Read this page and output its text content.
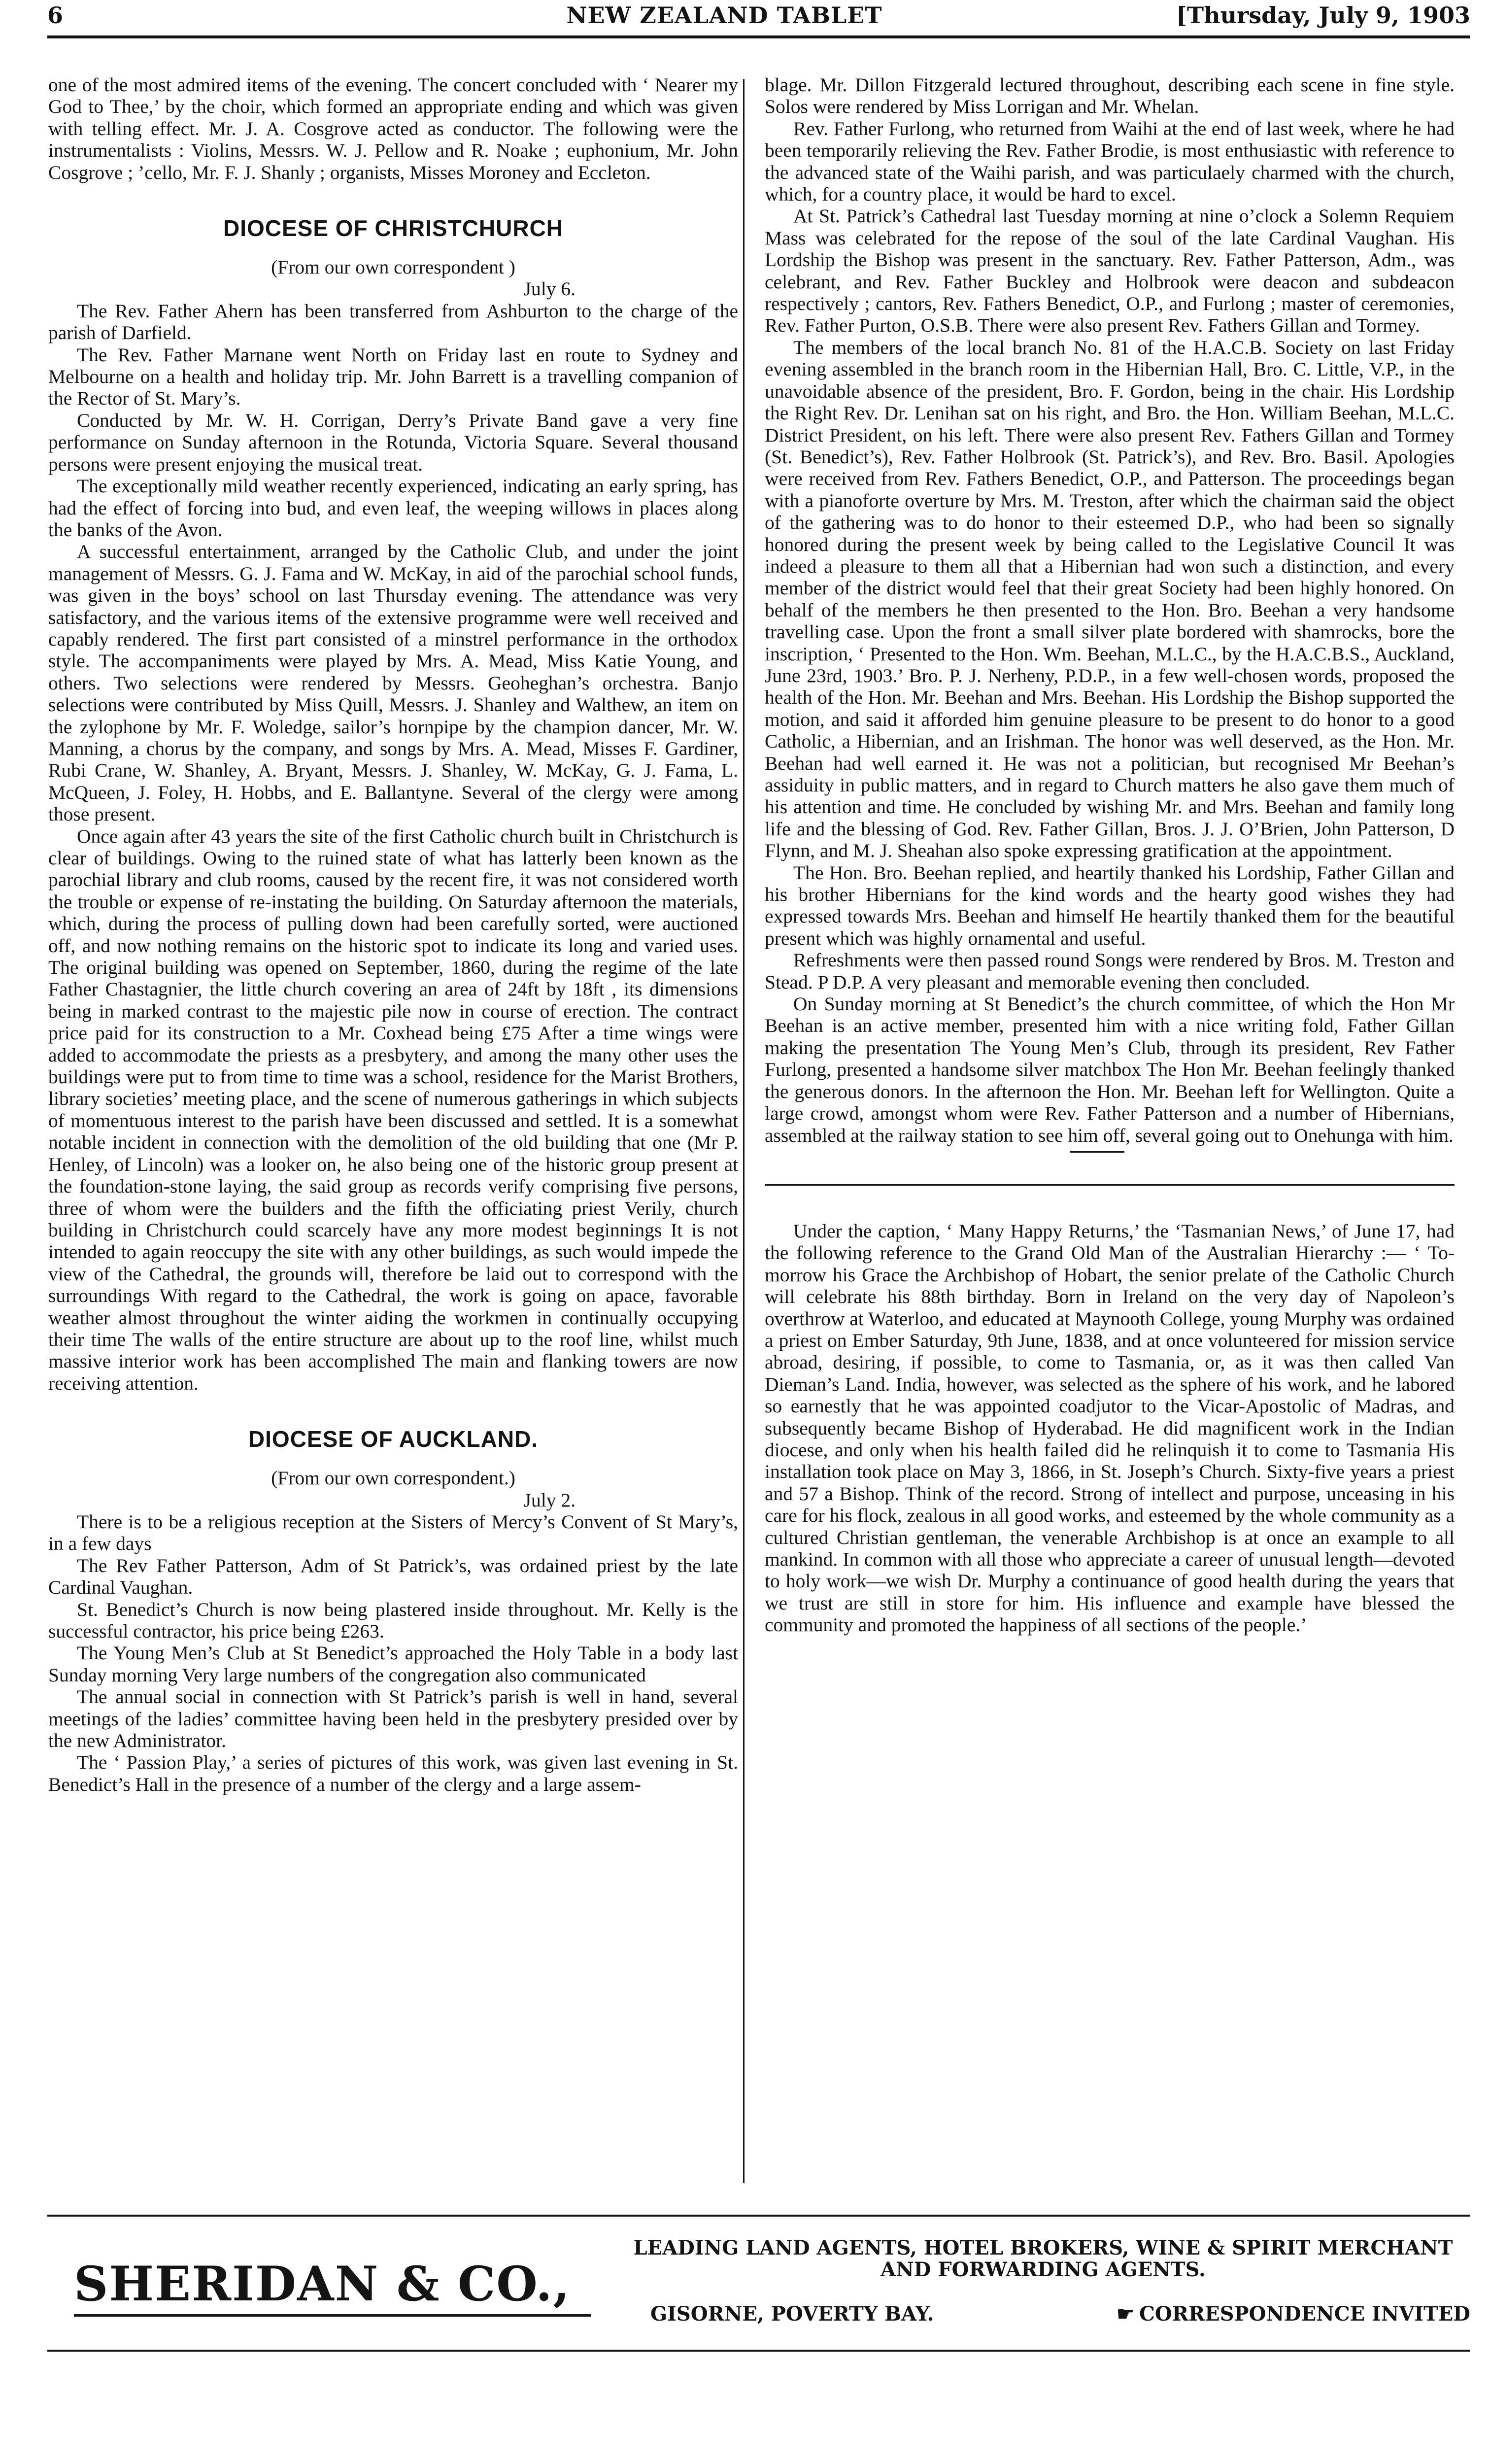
6	NEW ZEALAND TABLET	[Thursday, July 9, 1903

one of the most admired items of the evening. The concert concluded with ‘ Nearer my God to Thee,’ by the choir, which formed an appropriate ending and which was given with telling effect. Mr. J. A. Cosgrove acted as conductor. The following were the instrumentalists : Violins, Messrs. W. J. Pellow and R. Noake ; euphonium, Mr. John Cosgrove ; ’cello, Mr. F. J. Shanly ; organists, Misses Moroney and Eccleton.

DIOCESE OF CHRISTCHURCH

(From our own correspondent )

July 6.

The Rev. Father Ahern has been transferred from Ashburton to the charge of the parish of Darfield.

The Rev. Father Marnane went North on Friday last en route to Sydney and Melbourne on a health and holiday trip. Mr. John Barrett is a travelling companion of the Rector of St. Mary’s.

Conducted by Mr. W. H. Corrigan, Derry’s Private Band gave a very fine performance on Sunday afternoon in the Rotunda, Victoria Square. Several thousand persons were present enjoying the musical treat.

The exceptionally mild weather recently experienced, indicating an early spring, has had the effect of forcing into bud, and even leaf, the weeping willows in places along the banks of the Avon.

A successful entertainment, arranged by the Catholic Club, and under the joint management of Messrs. G. J. Fama and W. McKay, in aid of the parochial school funds, was given in the boys’ school on last Thursday evening. The attendance was very satisfactory, and the various items of the extensive programme were well received and capably rendered. The first part consisted of a minstrel performance in the orthodox style. The accompaniments were played by Mrs. A. Mead, Miss Katie Young, and others. Two selections were rendered by Messrs. Geoheghan’s orchestra. Banjo selections were contributed by Miss Quill, Messrs. J. Shanley and Walthew, an item on the zylophone by Mr. F. Woledge, sailor’s hornpipe by the champion dancer, Mr. W. Manning, a chorus by the company, and songs by Mrs. A. Mead, Misses F. Gardiner, Rubi Crane, W. Shanley, A. Bryant, Messrs. J. Shanley, W. McKay, G. J. Fama, L. McQueen, J. Foley, H. Hobbs, and E. Ballantyne. Several of the clergy were among those present.

Once again after 43 years the site of the first Catholic church built in Christchurch is clear of buildings. Owing to the ruined state of what has latterly been known as the parochial library and club rooms, caused by the recent fire, it was not considered worth the trouble or expense of re-instating the building. On Saturday afternoon the materials, which, during the process of pulling down had been carefully sorted, were auctioned off, and now nothing remains on the historic spot to indicate its long and varied uses. The original building was opened on September, 1860, during the regime of the late Father Chastagnier, the little church covering an area of 24ft by 18ft , its dimensions being in marked contrast to the majestic pile now in course of erection. The contract price paid for its construction to a Mr. Coxhead being £75 After a time wings were added to accommodate the priests as a presbytery, and among the many other uses the buildings were put to from time to time was a school, residence for the Marist Brothers, library societies’ meeting place, and the scene of numerous gatherings in which subjects of momentuous interest to the parish have been discussed and settled. It is a somewhat notable incident in connection with the demolition of the old building that one (Mr P. Henley, of Lincoln) was a looker on, he also being one of the historic group present at the foundation-stone laying, the said group as records verify comprising five persons, three of whom were the builders and the fifth the officiating priest Verily, church building in Christchurch could scarcely have any more modest beginnings It is not intended to again reoccupy the site with any other buildings, as such would impede the view of the Cathedral, the grounds will, therefore be laid out to correspond with the surroundings With regard to the Cathedral, the work is going on apace, favorable weather almost throughout the winter aiding the workmen in continually occupying their time The walls of the entire structure are about up to the roof line, whilst much massive interior work has been accomplished The main and flanking towers are now receiving attention.

DIOCESE OF AUCKLAND.

(From our own correspondent.)

July 2.

There is to be a religious reception at the Sisters of Mercy’s Convent of St Mary’s, in a few days

The Rev Father Patterson, Adm of St Patrick’s, was ordained priest by the late Cardinal Vaughan.

St. Benedict’s Church is now being plastered inside throughout. Mr. Kelly is the successful contractor, his price being £263.

The Young Men’s Club at St Benedict’s approached the Holy Table in a body last Sunday morning Very large numbers of the congregation also communicated

The annual social in connection with St Patrick’s parish is well in hand, several meetings of the ladies’ committee having been held in the presbytery presided over by the new Administrator.

The ‘ Passion Play,’ a series of pictures of this work, was given last evening in St. Benedict’s Hall in the presence of a number of the clergy and a large assem-

blage. Mr. Dillon Fitzgerald lectured throughout, describing each scene in fine style. Solos were rendered by Miss Lorrigan and Mr. Whelan.

Rev. Father Furlong, who returned from Waihi at the end of last week, where he had been temporarily relieving the Rev. Father Brodie, is most enthusiastic with reference to the advanced state of the Waihi parish, and was particulaely charmed with the church, which, for a country place, it would be hard to excel.

At St. Patrick’s Cathedral last Tuesday morning at nine o’clock a Solemn Requiem Mass was celebrated for the repose of the soul of the late Cardinal Vaughan. His Lordship the Bishop was present in the sanctuary. Rev. Father Patterson, Adm., was celebrant, and Rev. Father Buckley and Holbrook were deacon and subdeacon respectively ; cantors, Rev. Fathers Benedict, O.P., and Furlong ; master of ceremonies, Rev. Father Purton, O.S.B. There were also present Rev. Fathers Gillan and Tormey.

The members of the local branch No. 81 of the H.A.C.B. Society on last Friday evening assembled in the branch room in the Hibernian Hall, Bro. C. Little, V.P., in the unavoidable absence of the president, Bro. F. Gordon, being in the chair. His Lordship the Right Rev. Dr. Lenihan sat on his right, and Bro. the Hon. William Beehan, M.L.C. District President, on his left. There were also present Rev. Fathers Gillan and Tormey (St. Benedict’s), Rev. Father Holbrook (St. Patrick’s), and Rev. Bro. Basil. Apologies were received from Rev. Fathers Benedict, O.P., and Patterson. The proceedings began with a pianoforte overture by Mrs. M. Treston, after which the chairman said the object of the gathering was to do honor to their esteemed D.P., who had been so signally honored during the present week by being called to the Legislative Council It was indeed a pleasure to them all that a Hibernian had won such a distinction, and every member of the district would feel that their great Society had been highly honored. On behalf of the members he then presented to the Hon. Bro. Beehan a very handsome travelling case. Upon the front a small silver plate bordered with shamrocks, bore the inscription, ‘ Presented to the Hon. Wm. Beehan, M.L.C., by the H.A.C.B.S., Auckland, June 23rd, 1903.’ Bro. P. J. Nerheny, P.D.P., in a few well-chosen words, proposed the health of the Hon. Mr. Beehan and Mrs. Beehan. His Lordship the Bishop supported the motion, and said it afforded him genuine pleasure to be present to do honor to a good Catholic, a Hibernian, and an Irishman. The honor was well deserved, as the Hon. Mr. Beehan had well earned it. He was not a politician, but recognised Mr Beehan’s assiduity in public matters, and in regard to Church matters he also gave them much of his attention and time. He concluded by wishing Mr. and Mrs. Beehan and family long life and the blessing of God. Rev. Father Gillan, Bros. J. J. O’Brien, John Patterson, D Flynn, and M. J. Sheahan also spoke expressing gratification at the appointment.

The Hon. Bro. Beehan replied, and heartily thanked his Lordship, Father Gillan and his brother Hibernians for the kind words and the hearty good wishes they had expressed towards Mrs. Beehan and himself He heartily thanked them for the beautiful present which was highly ornamental and useful.

Refreshments were then passed round Songs were rendered by Bros. M. Treston and Stead. P D.P. A very pleasant and memorable evening then concluded.

On Sunday morning at St Benedict’s the church committee, of which the Hon Mr Beehan is an active member, presented him with a nice writing fold, Father Gillan making the presentation The Young Men’s Club, through its president, Rev Father Furlong, presented a handsome silver matchbox The Hon Mr. Beehan feelingly thanked the generous donors. In the afternoon the Hon. Mr. Beehan left for Wellington. Quite a large crowd, amongst whom were Rev. Father Patterson and a number of Hibernians, assembled at the railway station to see him off, several going out to Onehunga with him.

Under the caption, ‘ Many Happy Returns,’ the ‘Tasmanian News,’ of June 17, had the following reference to the Grand Old Man of the Australian Hierarchy :— ‘ To-morrow his Grace the Archbishop of Hobart, the senior prelate of the Catholic Church will celebrate his 88th birthday. Born in Ireland on the very day of Napoleon’s overthrow at Waterloo, and educated at Maynooth College, young Murphy was ordained a priest on Ember Saturday, 9th June, 1838, and at once volunteered for mission service abroad, desiring, if possible, to come to Tasmania, or, as it was then called Van Dieman’s Land. India, however, was selected as the sphere of his work, and he labored so earnestly that he was appointed coadjutor to the Vicar-Apostolic of Madras, and subsequently became Bishop of Hyderabad. He did magnificent work in the Indian diocese, and only when his health failed did he relinquish it to come to Tasmania His installation took place on May 3, 1866, in St. Joseph’s Church. Sixty-five years a priest and 57 a Bishop. Think of the record. Strong of intellect and purpose, unceasing in his care for his flock, zealous in all good works, and esteemed by the whole community as a cultured Christian gentleman, the venerable Archbishop is at once an example to all mankind. In common with all those who appreciate a career of unusual length—devoted to holy work—we wish Dr. Murphy a continuance of good health during the years that we trust are still in store for him. His influence and example have blessed the community and promoted the happiness of all sections of the people.’

SHERIDAN & CO.,
LEADING LAND AGENTS, HOTEL BROKERS, WINE & SPIRIT MERCHANT
AND FORWARDING AGENTS.
GISORNE, POVERTY BAY.	☛ CORRESPONDENCE INVITED
